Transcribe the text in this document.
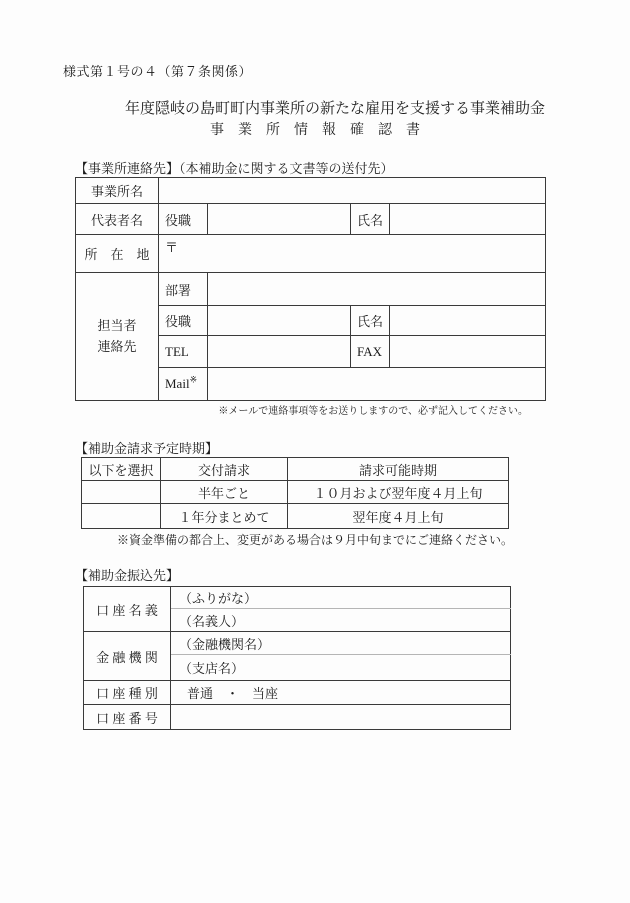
様式第１号の４（第７条関係）
年度隠岐の島町町内事業所の新たな雇用を支援する事業補助金
事　業　所　情　報　確　認　書
【事業所連絡先】（本補助金に関する文書等の送付先）
事業所名				
代表者名	役職		氏名	
所　在　地	〒			
担当者
連絡先	部署			
	役職		氏名	
	TEL		FAX	
	Mail※	
※メールで連絡事項等をお送りしますので、必ず記入してください。
【補助金請求予定時期】
以下を選択	交付請求	請求可能時期
	半年ごと	１０月および翌年度４月上旬
	１年分まとめて	翌年度４月上旬
※資金準備の都合上、変更がある場合は９月中旬までにご連絡ください。
【補助金振込先】
口 座 名 義	（ふりがな）
	（名義人）
金 融 機 関	（金融機関名）
	（支店名）
口 座 種 別	普通　・　当座
口 座 番 号	
